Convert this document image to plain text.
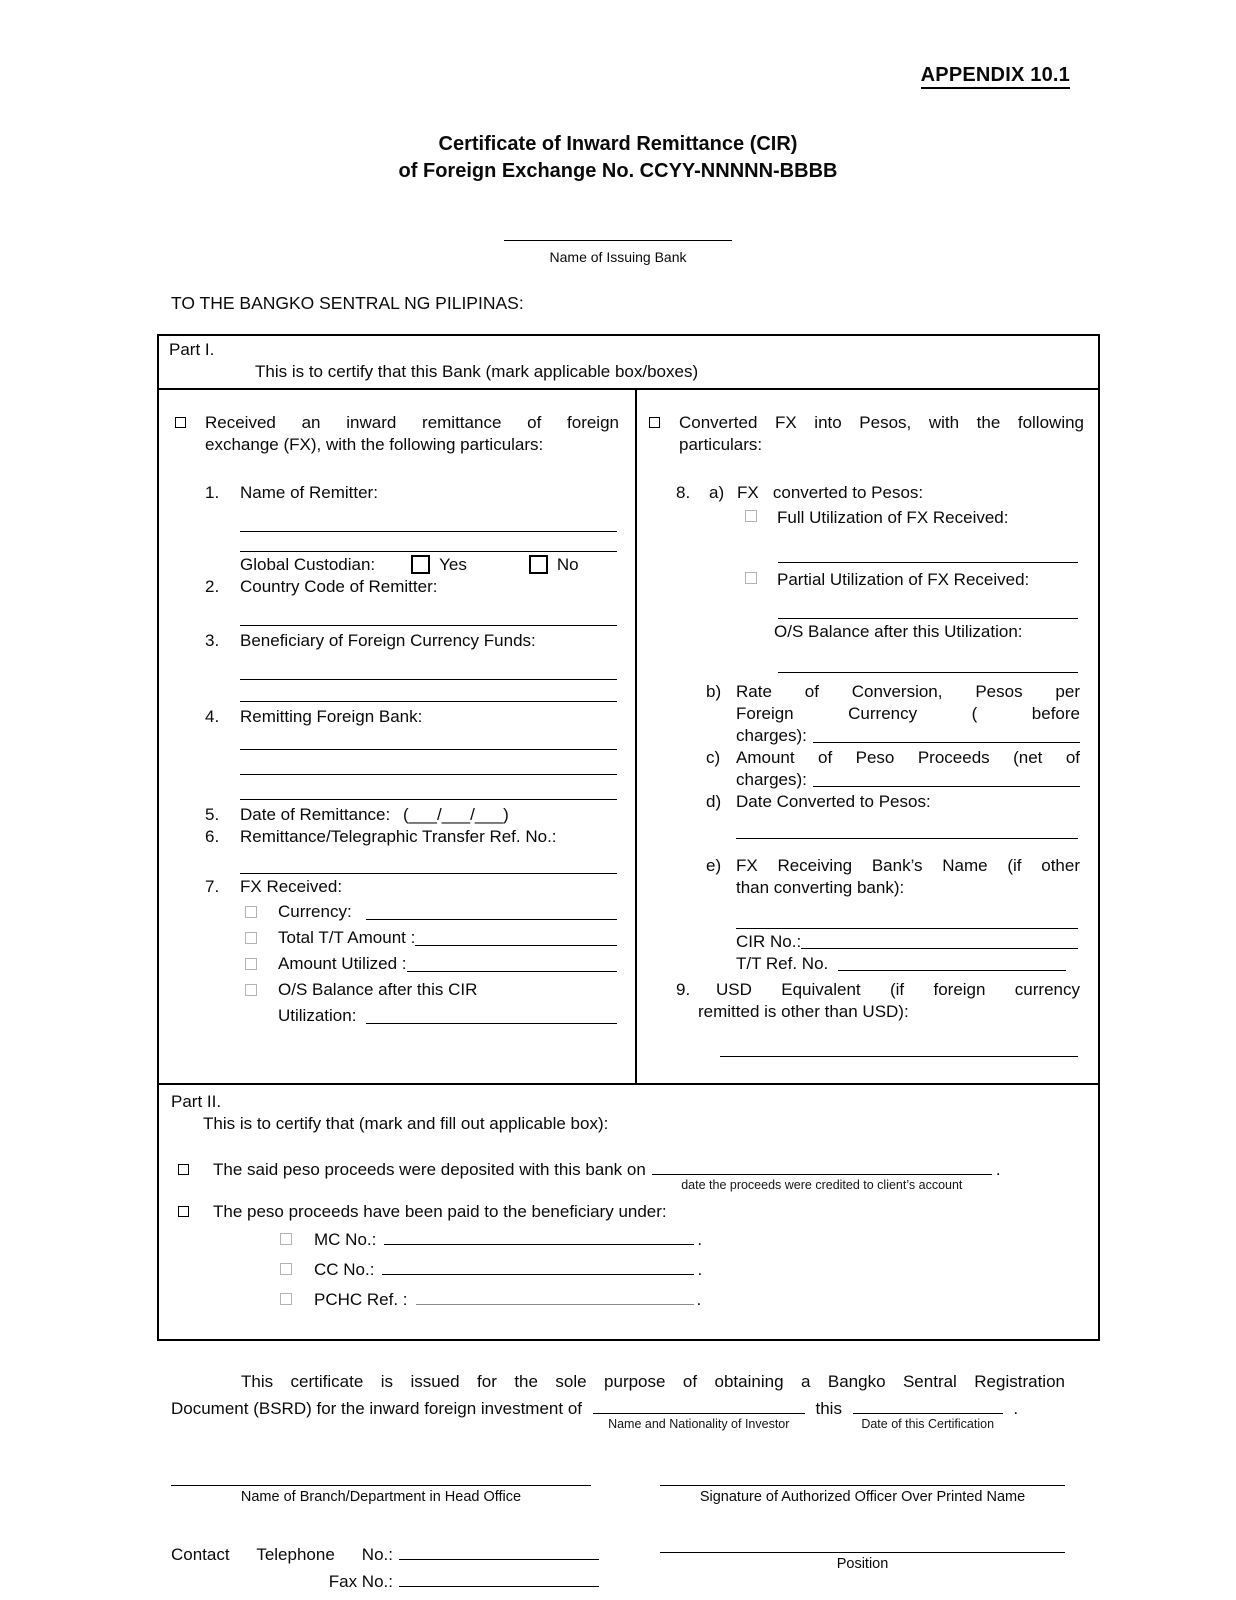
APPENDIX 10.1
Certificate of Inward Remittance (CIR)
of Foreign Exchange No. CCYY-NNNNN-BBBB
Name of Issuing Bank
TO THE BANGKO SENTRAL NG PILIPINAS:
Part I.
This is to certify that this Bank (mark applicable box/boxes)
Received an inward remittance of foreign
exchange (FX), with the following particulars:
1.	Name of Remitter:
Global Custodian:	Yes	No
2.	Country Code of Remitter:
3.	Beneficiary of Foreign Currency Funds:
4.	Remitting Foreign Bank:
5.	Date of Remittance: (___/___/___)
6.	Remittance/Telegraphic Transfer Ref. No.:
7.	FX Received:
Currency:
Total T/T Amount :
Amount Utilized :
O/S Balance after this CIR
Utilization:
Converted FX into Pesos, with the following
particulars:
8.	a) FX   converted to Pesos:
Full Utilization of FX Received:
Partial Utilization of FX Received:
O/S Balance after this Utilization:
b) Rate of Conversion, Pesos per
Foreign Currency ( before
charges):
c) Amount of Peso Proceeds (net of
charges):
d) Date Converted to Pesos:
e) FX Receiving Bank’s Name (if other
than converting bank):
CIR No.:
T/T Ref. No.
9.	USD Equivalent (if foreign currency
remitted is other than USD):
Part II.
This is to certify that (mark and fill out applicable box):
The said peso proceeds were deposited with this bank on
date the proceeds were credited to client’s account
.
The peso proceeds have been paid to the beneficiary under:
MC No.:	.
CC No.:	.
PCHC Ref. :	.
This certificate is issued for the sole purpose of obtaining a Bangko Sentral Registration
Document (BSRD) for the inward foreign investment of
Name and Nationality of Investor
this
Date of this Certification
.
Name of Branch/Department in Head Office	Signature of Authorized Officer Over Printed Name
Contact Telephone No.:
Fax No.:
Position
